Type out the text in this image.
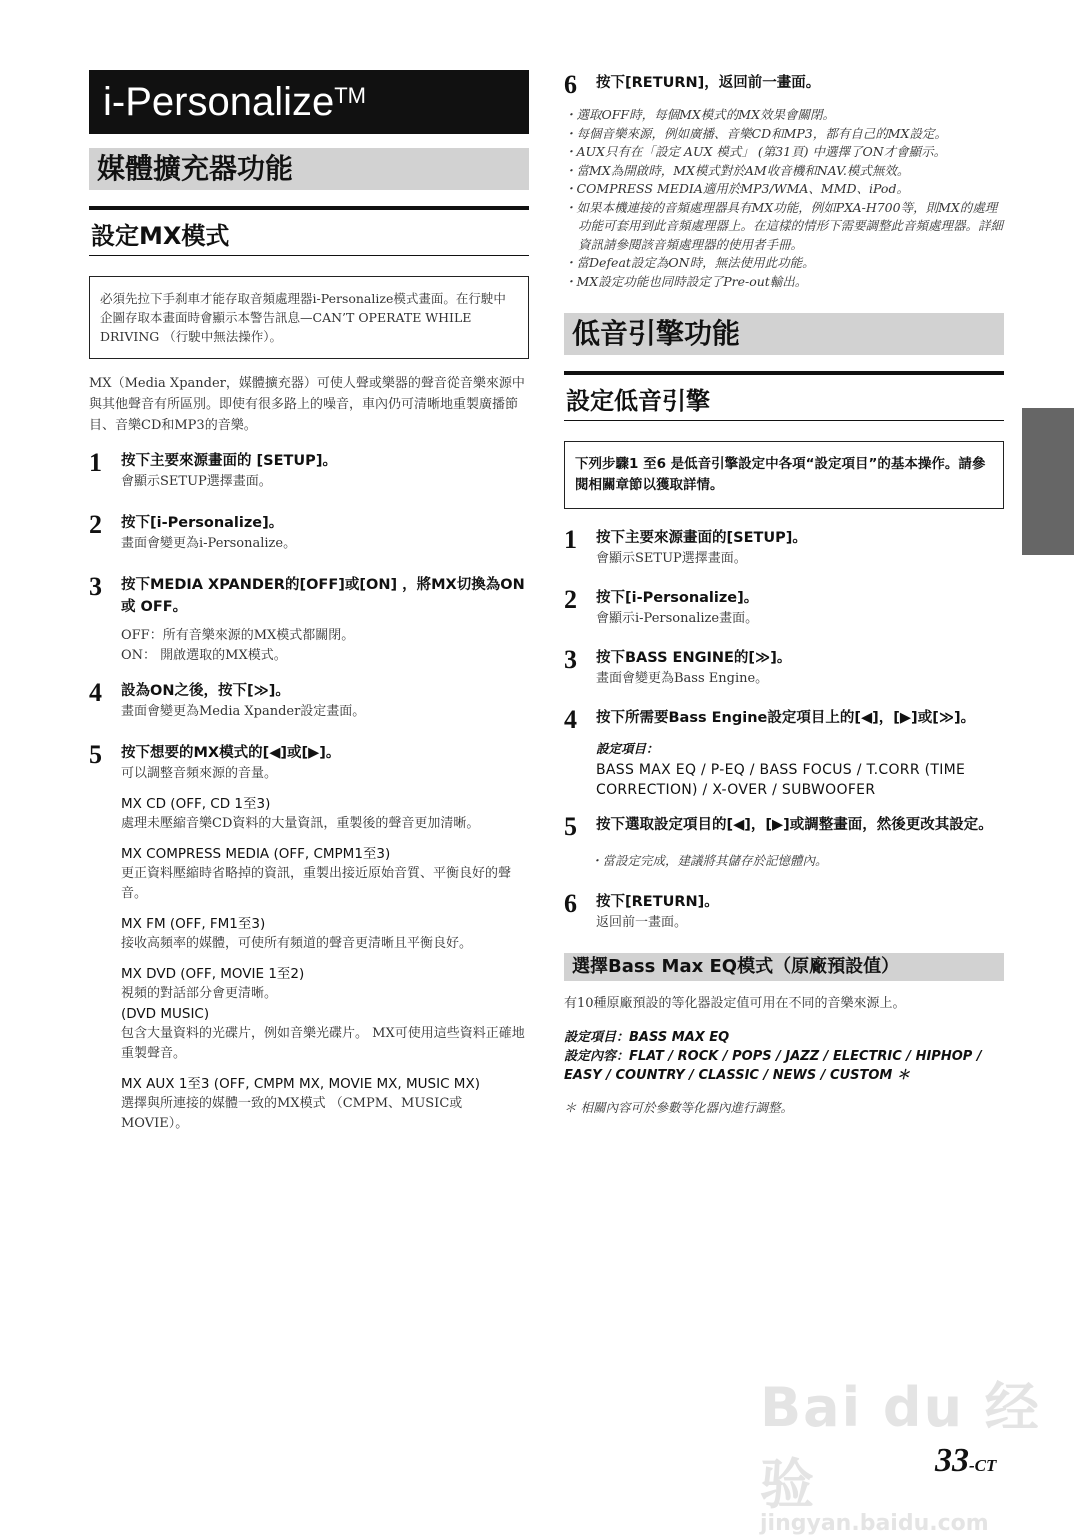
i-Personalize™
媒體擴充器功能
設定MX模式
必須先拉下手刹車才能存取音頻處理器i-Personalize模式畫面。在行駛中企圖存取本畫面時會顯示本警告訊息—CAN’T OPERATE WHILE DRIVING （行駛中無法操作）。
MX（Media Xpander，媒體擴充器）可使人聲或樂器的聲音從音樂來源中與其他聲音有所區別。即使有很多路上的噪音，車內仍可清晰地重製廣播節目、音樂CD和MP3的音樂。
1	按下主要來源畫面的 [SETUP]。
會顯示SETUP選擇畫面。
2	按下[i-Personalize]。
畫面會變更為i-Personalize。
3	按下MEDIA XPANDER的[OFF]或[ON] ，將MX切換為ON或 OFF。
OFF：所有音樂來源的MX模式都關閉。
ON： 開啟選取的MX模式。
4	設為ON之後，按下[≫]。
畫面會變更為Media Xpander設定畫面。
5	按下想要的MX模式的[◀]或[▶]。
可以調整音頻來源的音量。
MX CD (OFF, CD 1至3)
處理未壓縮音樂CD資料的大量資訊，重製後的聲音更加清晰。
MX COMPRESS MEDIA (OFF, CMPM1至3)
更正資料壓縮時省略掉的資訊，重製出接近原始音質、平衡良好的聲音。
MX FM (OFF, FM1至3)
接收高頻率的媒體，可使所有頻道的聲音更清晰且平衡良好。
MX DVD (OFF, MOVIE 1至2)
視頻的對話部分會更清晰。
(DVD MUSIC)
包含大量資料的光碟片，例如音樂光碟片。 MX可使用這些資料正確地重製聲音。
MX AUX 1至3 (OFF, CMPM MX, MOVIE MX, MUSIC MX)
選擇與所連接的媒體一致的MX模式 （CMPM、MUSIC或MOVIE）。
6	按下[RETURN]，返回前一畫面。
・選取OFF時，每個MX模式的MX效果會關閉。
・每個音樂來源，例如廣播、音樂CD和MP3，都有自己的MX設定。
・AUX只有在「設定 AUX 模式」 (第31頁) 中選擇了ON才會顯示。
・當MX為開啟時，MX模式對於AM收音機和NAV.模式無效。
・COMPRESS MEDIA適用於MP3/WMA、MMD、iPod。
・如果本機連接的音頻處理器具有MX功能，例如PXA-H700等，則MX的處理功能可套用到此音頻處理器上。在這樣的情形下需要調整此音頻處理器。詳細資訊請參閱該音頻處理器的使用者手冊。
・當Defeat設定為ON時，無法使用此功能。
・MX設定功能也同時設定了Pre-out輸出。
低音引擎功能
設定低音引擎
下列步驟1 至6 是低音引擎設定中各項“設定項目”的基本操作。請參閱相關章節以獲取詳情。
1	按下主要來源畫面的[SETUP]。
會顯示SETUP選擇畫面。
2	按下[i-Personalize]。
會顯示i-Personalize畫面。
3	按下BASS ENGINE的[≫]。
畫面會變更為Bass Engine。
4	按下所需要Bass Engine設定項目上的[◀]，[▶]或[≫]。
設定項目：
BASS MAX EQ / P-EQ / BASS FOCUS / T.CORR (TIME CORRECTION) / X-OVER / SUBWOOFER
5	按下選取設定項目的[◀]，[▶]或調整畫面，然後更改其設定。
・當設定完成，建議將其儲存於記憶體內。
6	按下[RETURN]。
返回前一畫面。
選擇Bass Max EQ模式（原廠預設值）
有10種原廠預設的等化器設定值可用在不同的音樂來源上。
設定項目：BASS MAX EQ
設定內容：FLAT / ROCK / POPS / JAZZ / ELECTRIC / HIPHOP / EASY / COUNTRY / CLASSIC / NEWS / CUSTOM ＊
＊ 相關內容可於參數等化器內進行調整。
Bai du 经验
jingyan.baidu.com
33-CT
